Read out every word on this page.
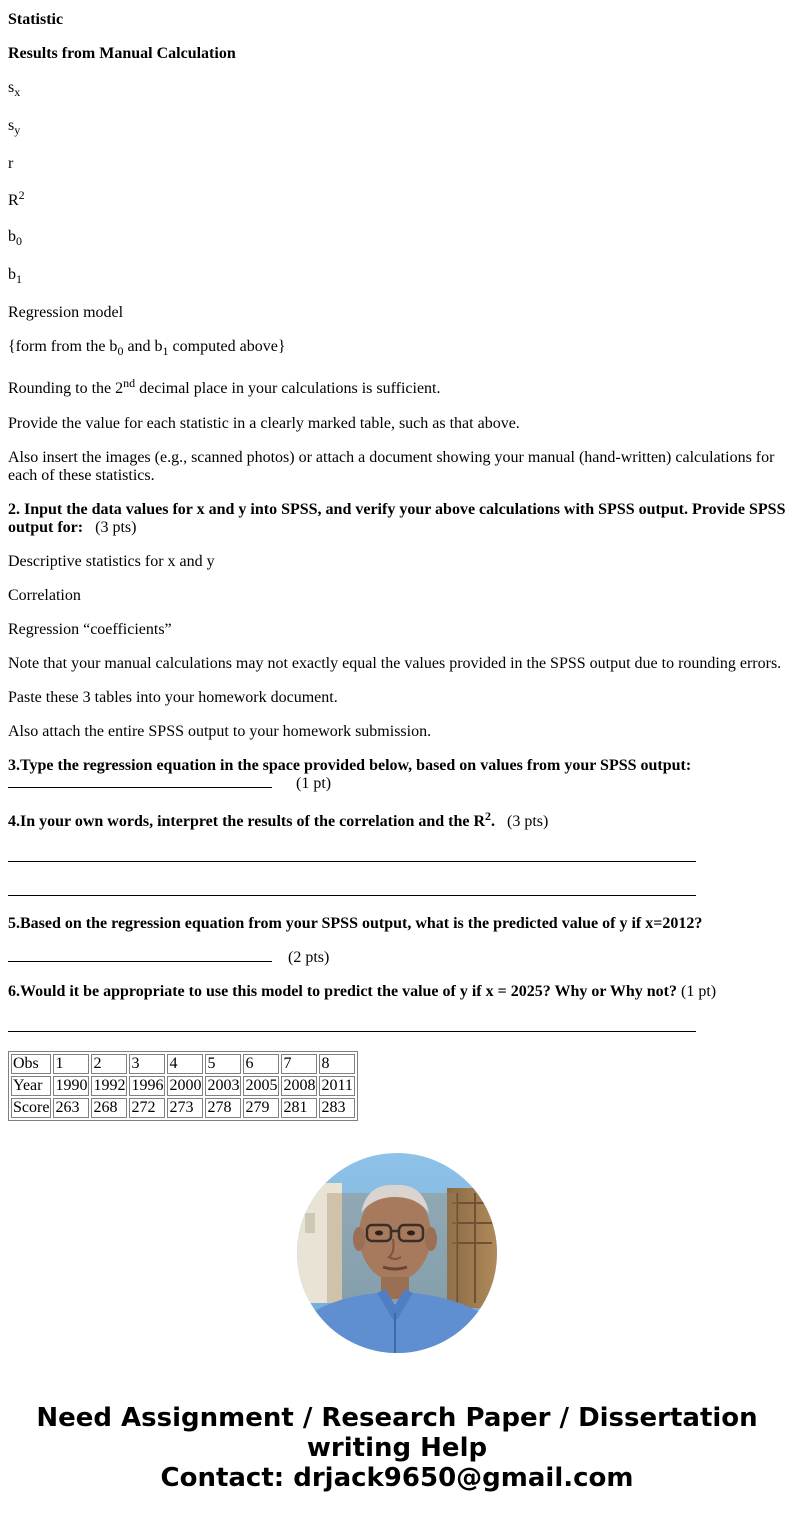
Statistic

Results from Manual Calculation

$s_x$

$s_y$

r

$R^2$

$b_0$

$b_1$

Regression model

{form from the $b_0$ and $b_1$ computed above}

Rounding to the 2nd decimal place in your calculations is sufficient.

Provide the value for each statistic in a clearly marked table, such as that above.

Also insert the images (e.g., scanned photos) or attach a document showing your manual (hand-written) calculations for each of these statistics.

2. Input the data values for x and y into SPSS, and verify your above calculations with SPSS output. Provide SPSS output for: (3 pts)

Descriptive statistics for x and y

Correlation

Regression “coefficients”

Note that your manual calculations may not exactly equal the values provided in the SPSS output due to rounding errors.

Paste these 3 tables into your homework document.

Also attach the entire SPSS output to your homework submission.

3.Type the regression equation in the space provided below, based on values from your SPSS output:

(1 pt)

4.In your own words, interpret the results of the correlation and the $R^2$. (3 pts)

5.Based on the regression equation from your SPSS output, what is the predicted value of y if x=2012?

(2 pts)

6.Would it be appropriate to use this model to predict the value of y if x = 2025? Why or Why not? (1 pt)

Obs	1	2	3	4	5	6	7	8
Year	1990	1992	1996	2000	2003	2005	2008	2011
Score	263	268	272	273	278	279	281	283
Need Assignment / Research Paper / Dissertation
writing Help
Contact: drjack9650@gmail.com
